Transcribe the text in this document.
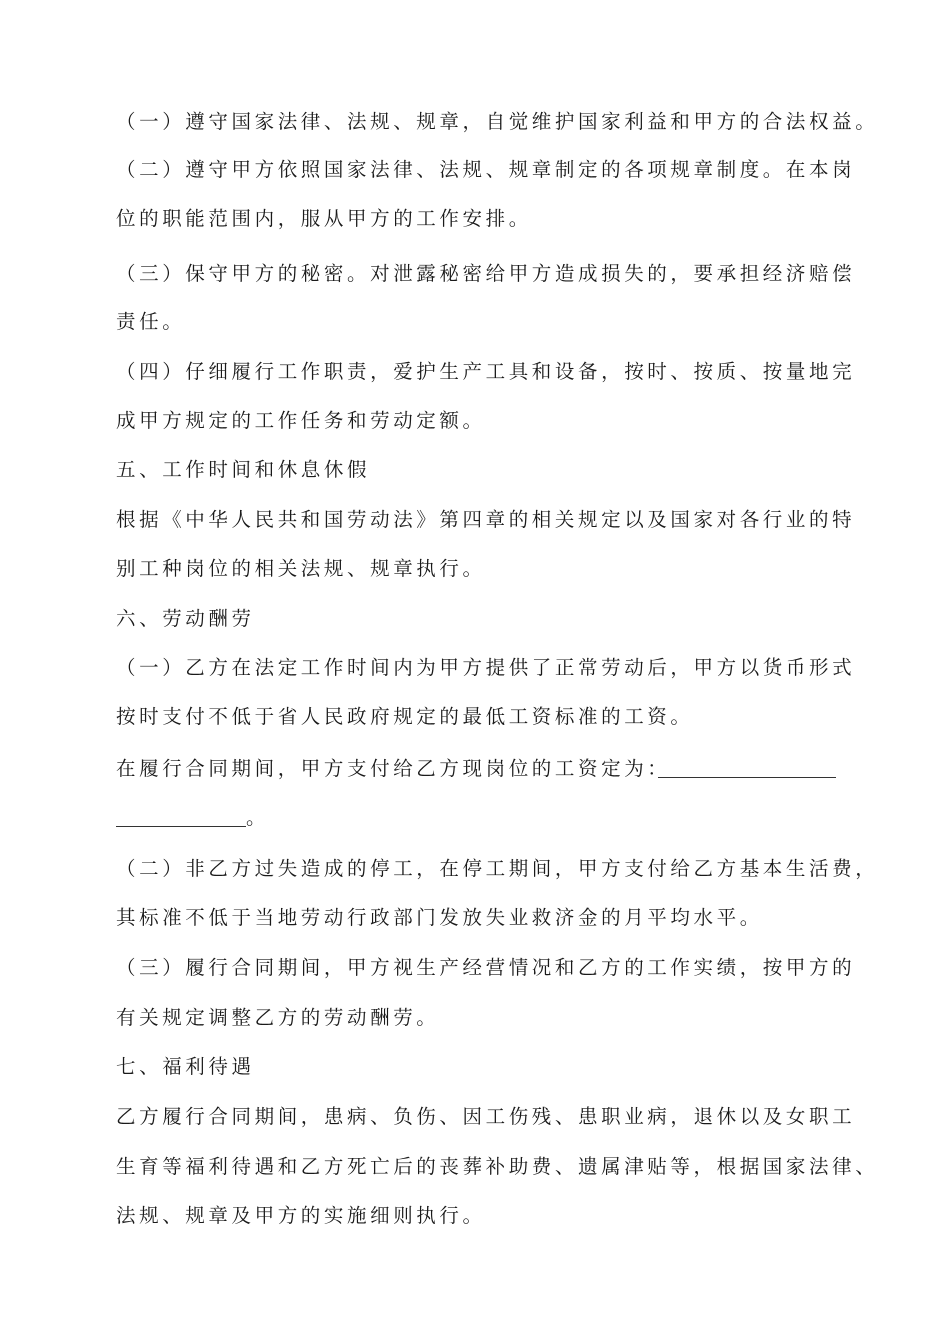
（一）遵守国家法律、法规、规章，自觉维护国家利益和甲方的合法权益。
（二）遵守甲方依照国家法律、法规、规章制定的各项规章制度。在本岗
位的职能范围内，服从甲方的工作安排。
（三）保守甲方的秘密。对泄露秘密给甲方造成损失的，要承担经济赔偿
责任。
（四）仔细履行工作职责，爱护生产工具和设备，按时、按质、按量地完
成甲方规定的工作任务和劳动定额。
五、工作时间和休息休假
根据《中华人民共和国劳动法》第四章的相关规定以及国家对各行业的特
别工种岗位的相关法规、规章执行。
六、劳动酬劳
（一）乙方在法定工作时间内为甲方提供了正常劳动后，甲方以货币形式
按时支付不低于省人民政府规定的最低工资标准的工资。
在履行合同期间，甲方支付给乙方现岗位的工资定为：
。
（二）非乙方过失造成的停工，在停工期间，甲方支付给乙方基本生活费，
其标准不低于当地劳动行政部门发放失业救济金的月平均水平。
（三）履行合同期间，甲方视生产经营情况和乙方的工作实绩，按甲方的
有关规定调整乙方的劳动酬劳。
七、福利待遇
乙方履行合同期间，患病、负伤、因工伤残、患职业病，退休以及女职工
生育等福利待遇和乙方死亡后的丧葬补助费、遗属津贴等，根据国家法律、
法规、规章及甲方的实施细则执行。
